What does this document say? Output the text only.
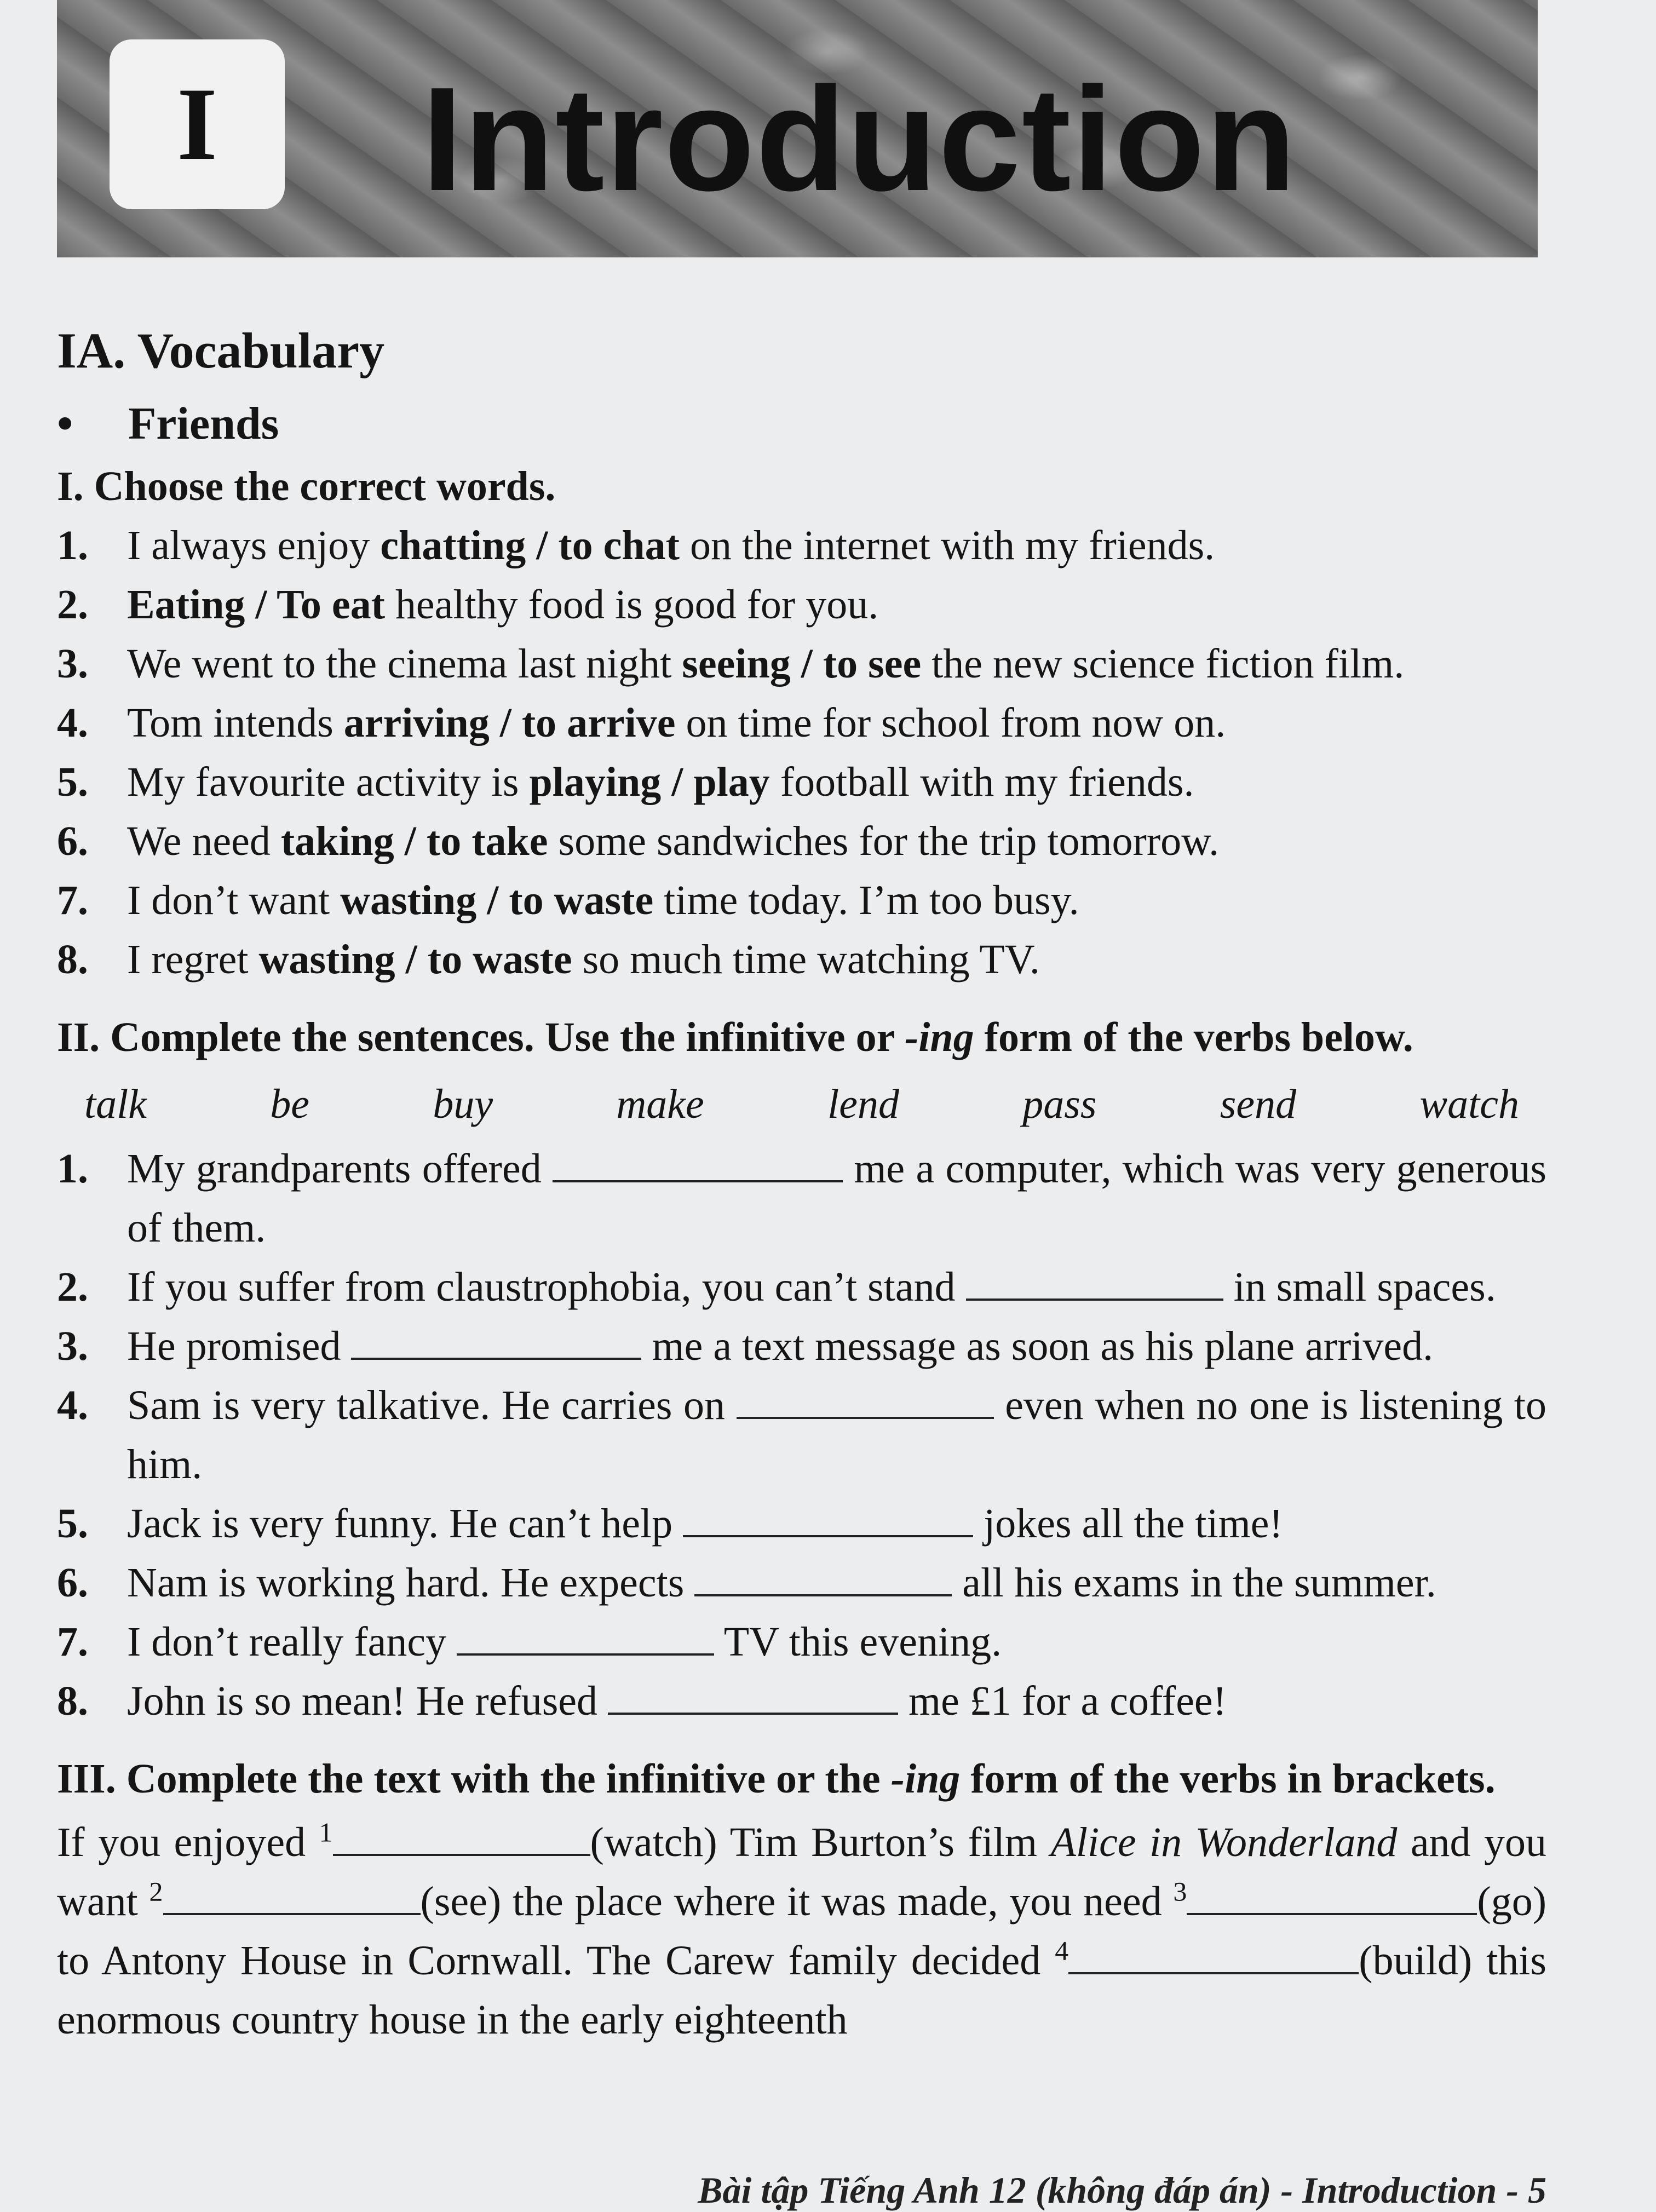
I	Introduction
IA. Vocabulary
• Friends
I. Choose the correct words.
1. I always enjoy chatting / to chat on the internet with my friends.
2. Eating / To eat healthy food is good for you.
3. We went to the cinema last night seeing / to see the new science fiction film.
4. Tom intends arriving / to arrive on time for school from now on.
5. My favourite activity is playing / play football with my friends.
6. We need taking / to take some sandwiches for the trip tomorrow.
7. I don’t want wasting / to waste time today. I’m too busy.
8. I regret wasting / to waste so much time watching TV.
II. Complete the sentences. Use the infinitive or -ing form of the verbs below.
talk	be	buy	make	lend	pass	send	watch
1. My grandparents offered	me a computer, which was very generous of them.
2. If you suffer from claustrophobia, you can’t stand	in small spaces.
3. He promised	me a text message as soon as his plane arrived.
4. Sam is very talkative. He carries on	even when no one is listening to him.
5. Jack is very funny. He can’t help	jokes all the time!
6. Nam is working hard. He expects	all his exams in the summer.
7. I don’t really fancy	TV this evening.
8. John is so mean! He refused	me £1 for a coffee!
III. Complete the text with the infinitive or the -ing form of the verbs in brackets.
If you enjoyed $^1$	(watch) Tim Burton’s film Alice in Wonderland and you want $^2$	(see) the place where it was made, you need $^3$	(go) to Antony House in Cornwall. The Carew family decided $^4$	(build) this enormous country house in the early eighteenth
Bài tập Tiếng Anh 12 (không đáp án) - Introduction - 5
